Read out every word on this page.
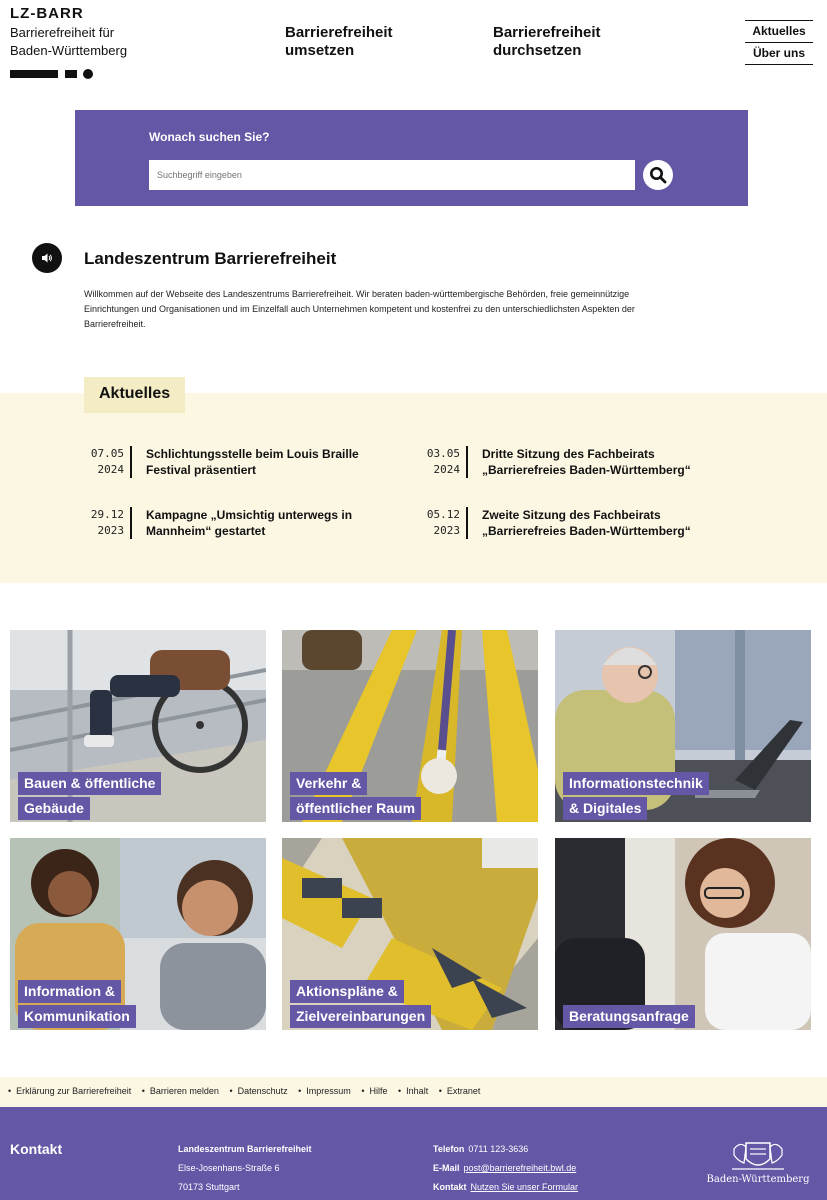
LZ-BARR
Barrierefreiheit für
Baden-Württemberg
Barrierefreiheit
umsetzen
Barrierefreiheit
durchsetzen
Aktuelles
Über uns
Wonach suchen Sie?
Suchbegriff eingeben
Landeszentrum Barrierefreiheit

Willkommen auf der Webseite des Landeszentrums Barrierefreiheit. Wir beraten baden-württembergische Behörden, freie gemeinnützige Einrichtungen und Organisationen und im Einzelfall auch Unternehmen kompetent und kostenfrei zu den unterschiedlichsten Aspekten der Barrierefreiheit.

Aktuelles
07.05
2024
Schlichtungsstelle beim Louis Braille
Festival präsentiert
03.05
2024
Dritte Sitzung des Fachbeirats
„Barrierefreies Baden-Württemberg“
29.12
2023
Kampagne „Umsichtig unterwegs in
Mannheim“ gestartet
05.12
2023
Zweite Sitzung des Fachbeirats
„Barrierefreies Baden-Württemberg“
Bauen & öffentliche
Gebäude
Verkehr &
öffentlicher Raum
Informationstechnik
& Digitales
Information &
Kommunikation
Aktionspläne &
Zielvereinbarungen	Beratungsanfrage
• Erklärung zur Barrierefreiheit • Barrieren melden • Datenschutz • Impressum • Hilfe • Inhalt • Extranet
Kontakt	Landeszentrum Barrierefreiheit
Else-Josenhans-Straße 6
70173 Stuttgart
Telefon 0711 123-3636
E-Mail post@barrierefreiheit.bwl.de
Kontakt Nutzen Sie unser Formular
Baden-Württemberg
